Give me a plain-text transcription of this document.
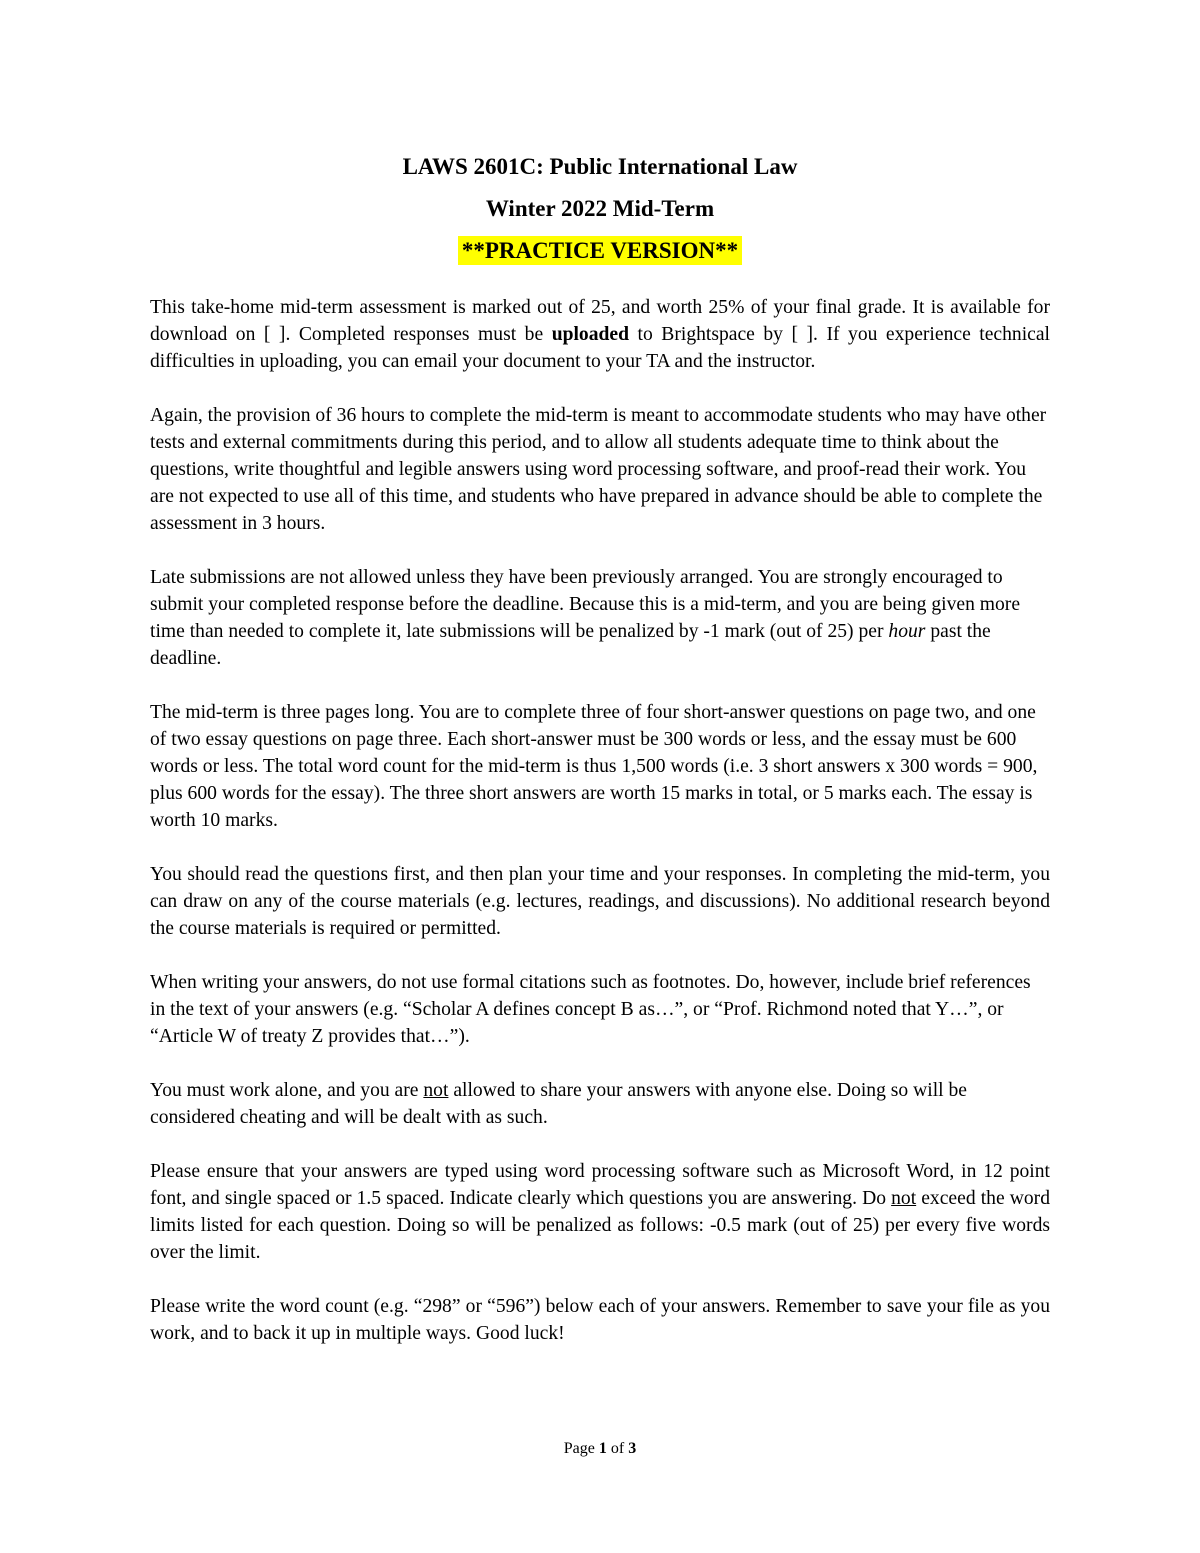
LAWS 2601C: Public International Law
Winter 2022 Mid-Term
**PRACTICE VERSION**

This take-home mid-term assessment is marked out of 25, and worth 25% of your final grade. It is available for download on [ ]. Completed responses must be uploaded to Brightspace by [ ]. If you experience technical difficulties in uploading, you can email your document to your TA and the instructor.

Again, the provision of 36 hours to complete the mid-term is meant to accommodate students who may have other tests and external commitments during this period, and to allow all students adequate time to think about the questions, write thoughtful and legible answers using word processing software, and proof-read their work. You are not expected to use all of this time, and students who have prepared in advance should be able to complete the assessment in 3 hours.

Late submissions are not allowed unless they have been previously arranged. You are strongly encouraged to submit your completed response before the deadline. Because this is a mid-term, and you are being given more time than needed to complete it, late submissions will be penalized by -1 mark (out of 25) per hour past the deadline.

The mid-term is three pages long. You are to complete three of four short-answer questions on page two, and one of two essay questions on page three. Each short-answer must be 300 words or less, and the essay must be 600 words or less. The total word count for the mid-term is thus 1,500 words (i.e. 3 short answers x 300 words = 900, plus 600 words for the essay). The three short answers are worth 15 marks in total, or 5 marks each. The essay is worth 10 marks.

You should read the questions first, and then plan your time and your responses. In completing the mid-term, you can draw on any of the course materials (e.g. lectures, readings, and discussions). No additional research beyond the course materials is required or permitted.

When writing your answers, do not use formal citations such as footnotes. Do, however, include brief references in the text of your answers (e.g. “Scholar A defines concept B as…”, or “Prof. Richmond noted that Y…”, or “Article W of treaty Z provides that…”).

You must work alone, and you are not allowed to share your answers with anyone else. Doing so will be considered cheating and will be dealt with as such.

Please ensure that your answers are typed using word processing software such as Microsoft Word, in 12 point font, and single spaced or 1.5 spaced. Indicate clearly which questions you are answering. Do not exceed the word limits listed for each question. Doing so will be penalized as follows: -0.5 mark (out of 25) per every five words over the limit.

Please write the word count (e.g. “298” or “596”) below each of your answers. Remember to save your file as you work, and to back it up in multiple ways. Good luck!

Page 1 of 3
